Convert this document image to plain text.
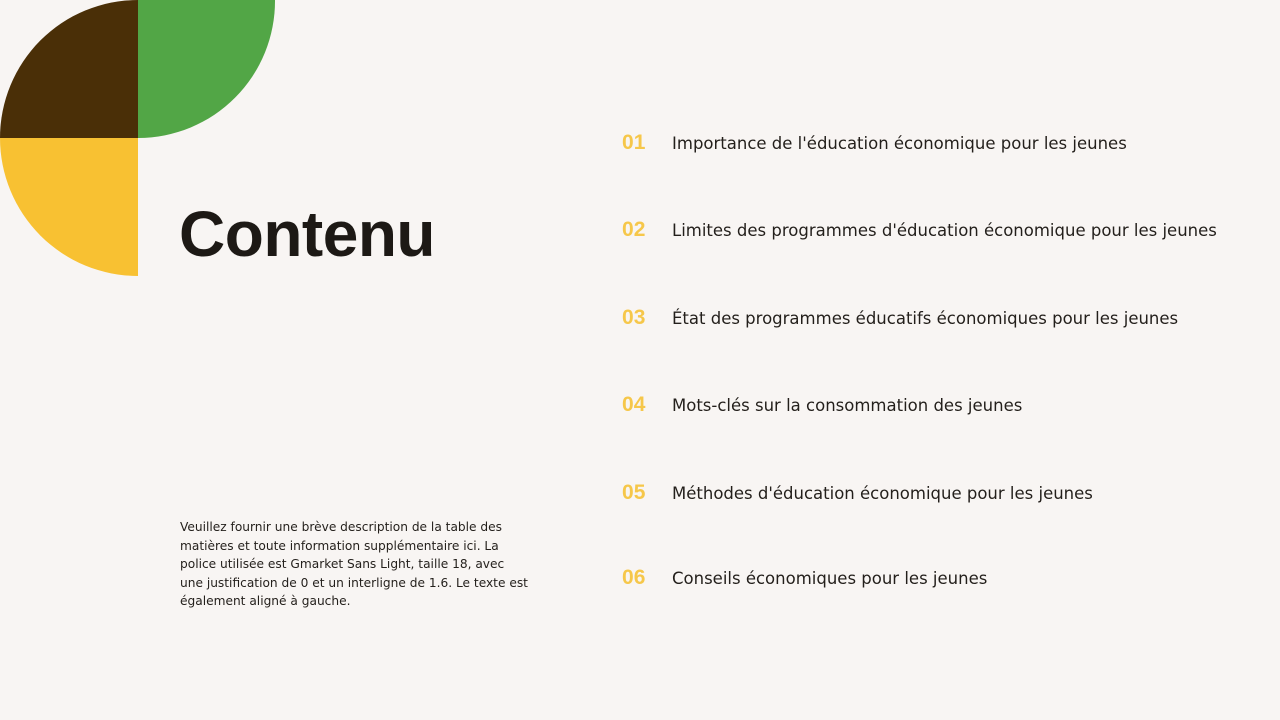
Contenu

Veuillez fournir une brève description de la table des matières et toute information supplémentaire ici. La police utilisée est Gmarket Sans Light, taille 18, avec une justification de 0 et un interligne de 1.6. Le texte est également aligné à gauche.

01	Importance de l'éducation économique pour les jeunes
02	Limites des programmes d'éducation économique pour les jeunes
03	État des programmes éducatifs économiques pour les jeunes
04	Mots-clés sur la consommation des jeunes
05	Méthodes d'éducation économique pour les jeunes
06	Conseils économiques pour les jeunes
